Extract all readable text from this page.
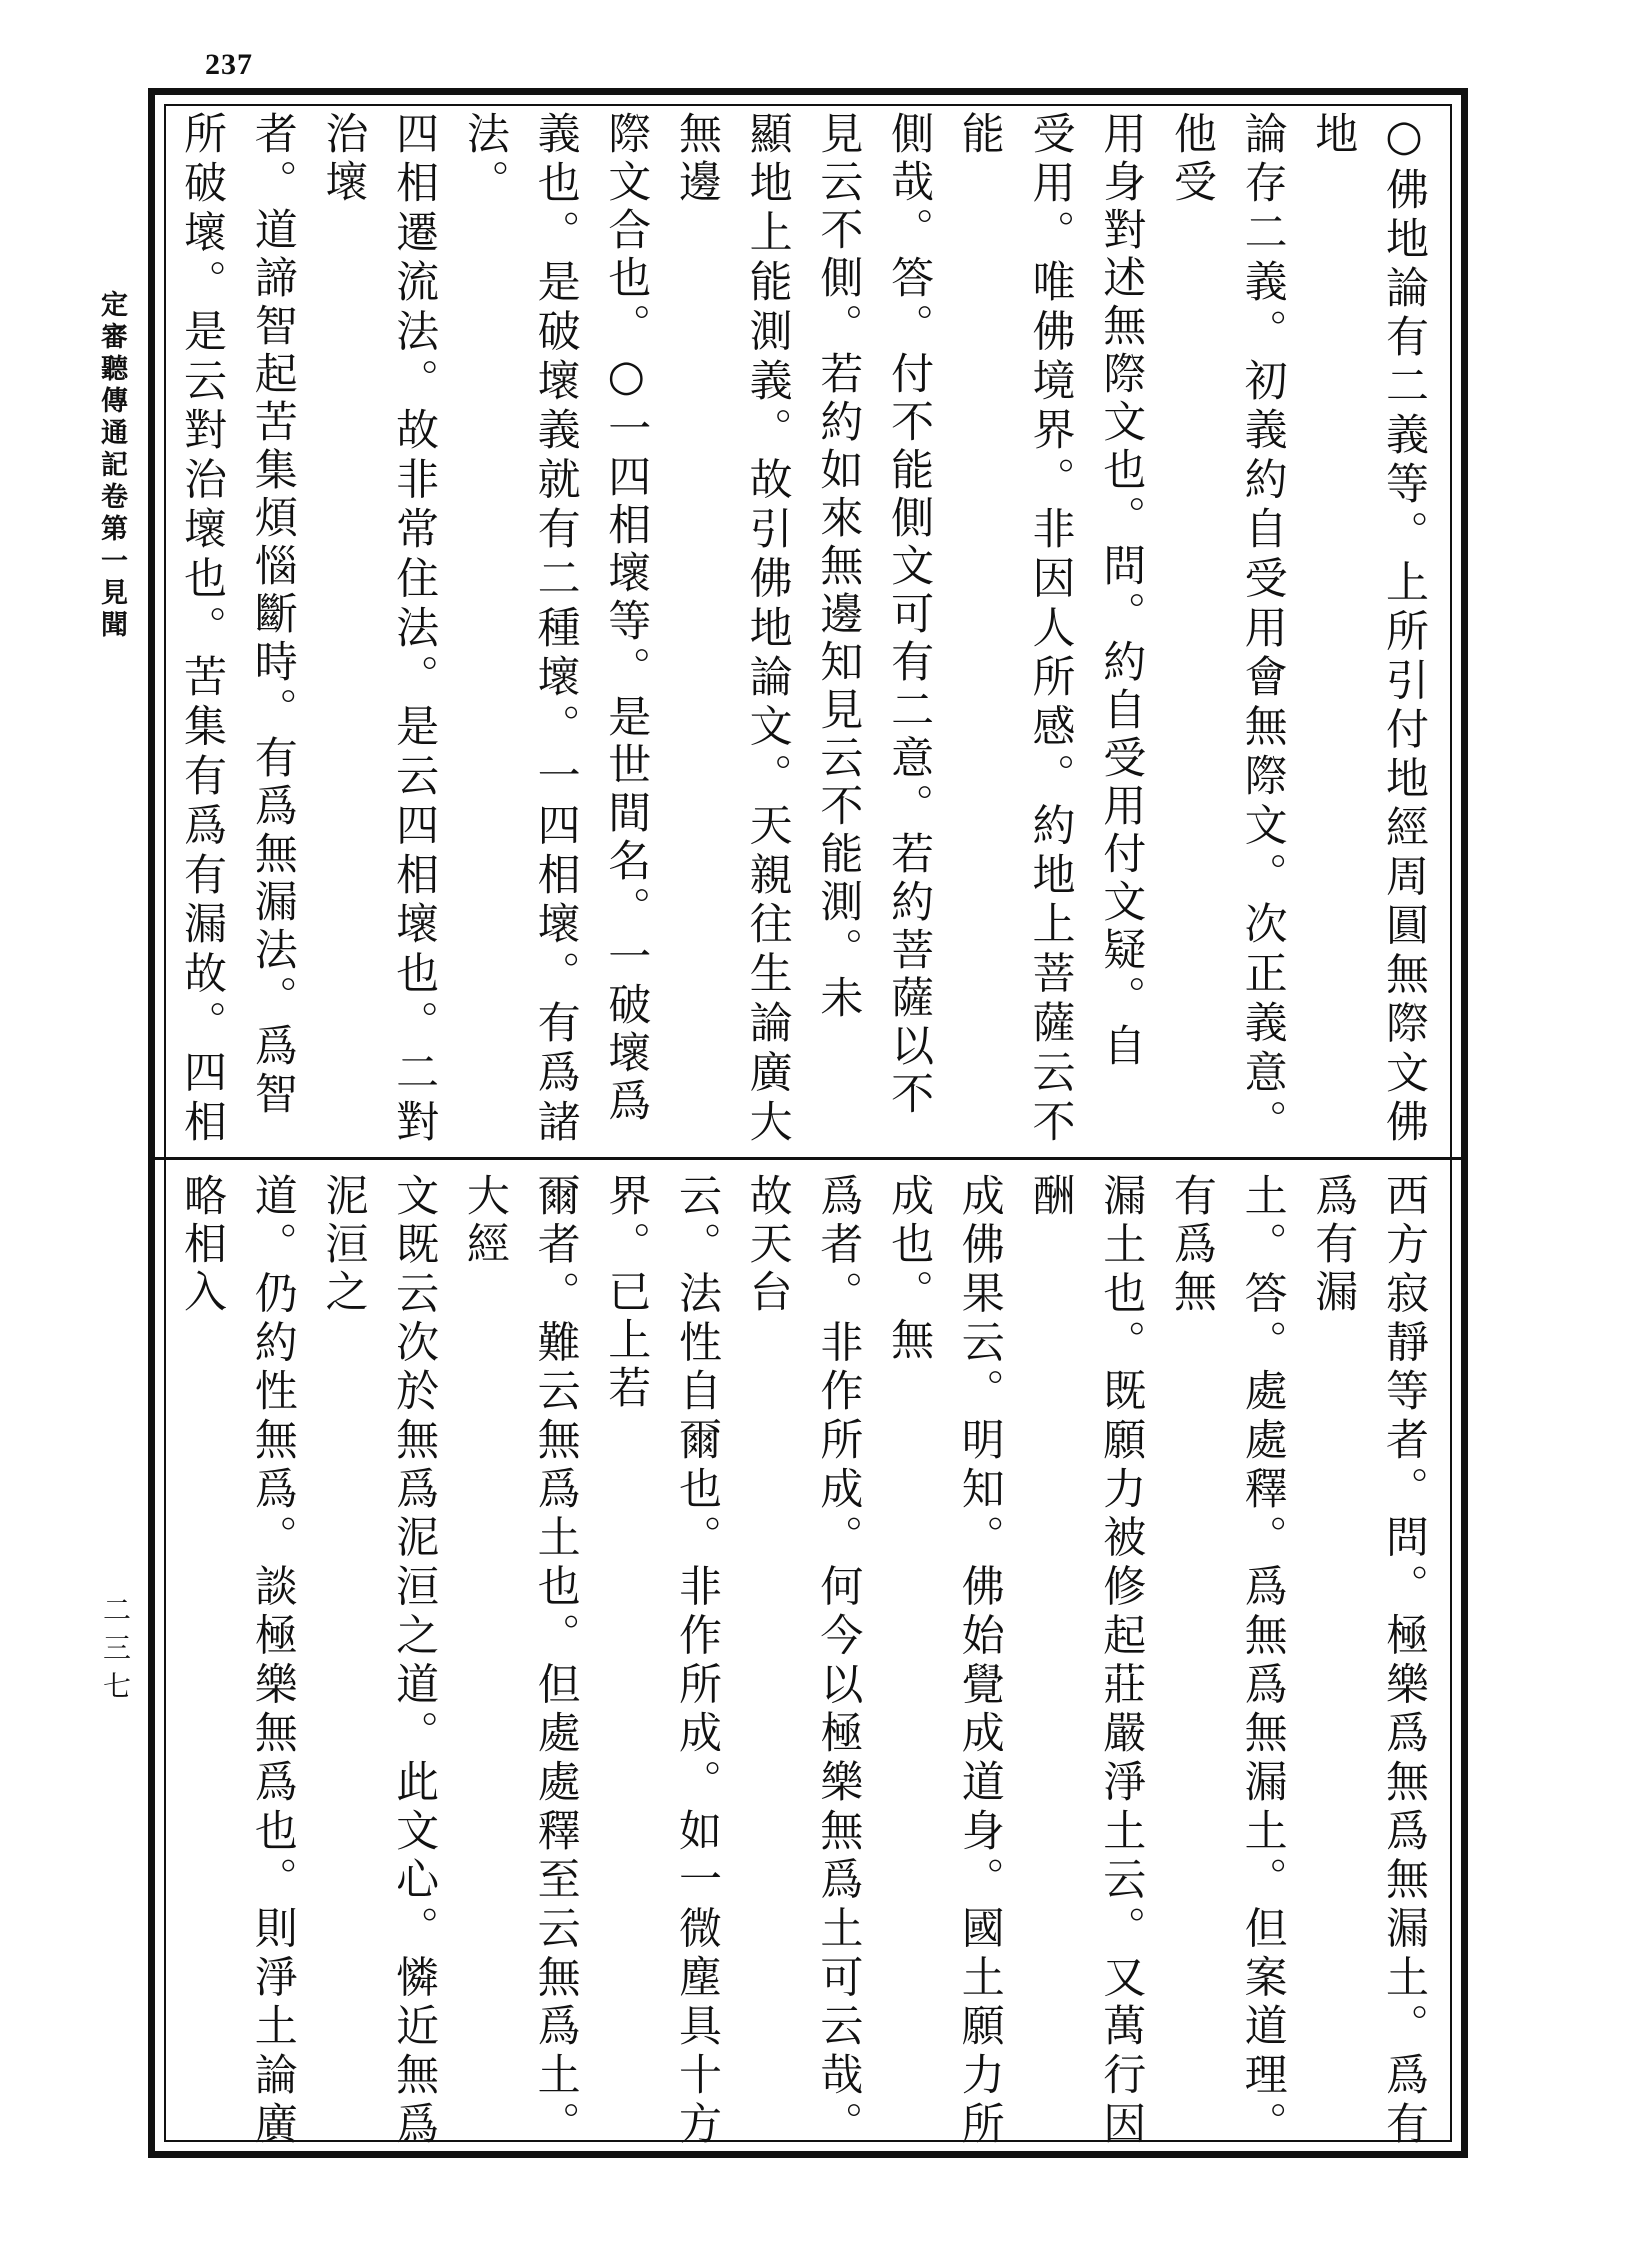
237
定審聽傳通記卷第一見聞
二三七
○佛地論有二義等。上所引付地經周圓無際文佛地
論存二義。初義約自受用會無際文。次正義意。他受
用身對述無際文也。問。約自受用付文疑。自
受用。唯佛境界。非因人所感。約地上菩薩云不能
側哉。答。付不能側文可有二意。若約菩薩以不
見云不側。若約如來無邊知見云不能測。未
顯地上能測義。故引佛地論文。天親往生論廣大無邊
際文合也。○一四相壞等。是世間名。一破壞爲
義也。是破壞義就有二種壞。一四相壞。有爲諸法。
四相遷流法。故非常住法。是云四相壞也。二對治壞
者。道諦智起苦集煩惱斷時。有爲無漏法。爲智
所破壞。是云對治壞也。苦集有爲有漏故。四相
西方寂靜等者。問。極樂爲無爲無漏土。爲有爲有漏
土。答。處處釋。爲無爲無漏土。但案道理。有爲無
漏土也。既願力被修起莊嚴淨土云。又萬行因酬
成佛果云。明知。佛始覺成道身。國土願力所成也。無
爲者。非作所成。何今以極樂無爲土可云哉。故天台
云。法性自爾也。非作所成。如一微塵具十方界。已上若
爾者。難云無爲土也。但處處釋至云無爲土。大經
文既云次於無爲泥洹之道。此文心。憐近無爲泥洹之
道。仍約性無爲。談極樂無爲也。則淨土論廣略相入
